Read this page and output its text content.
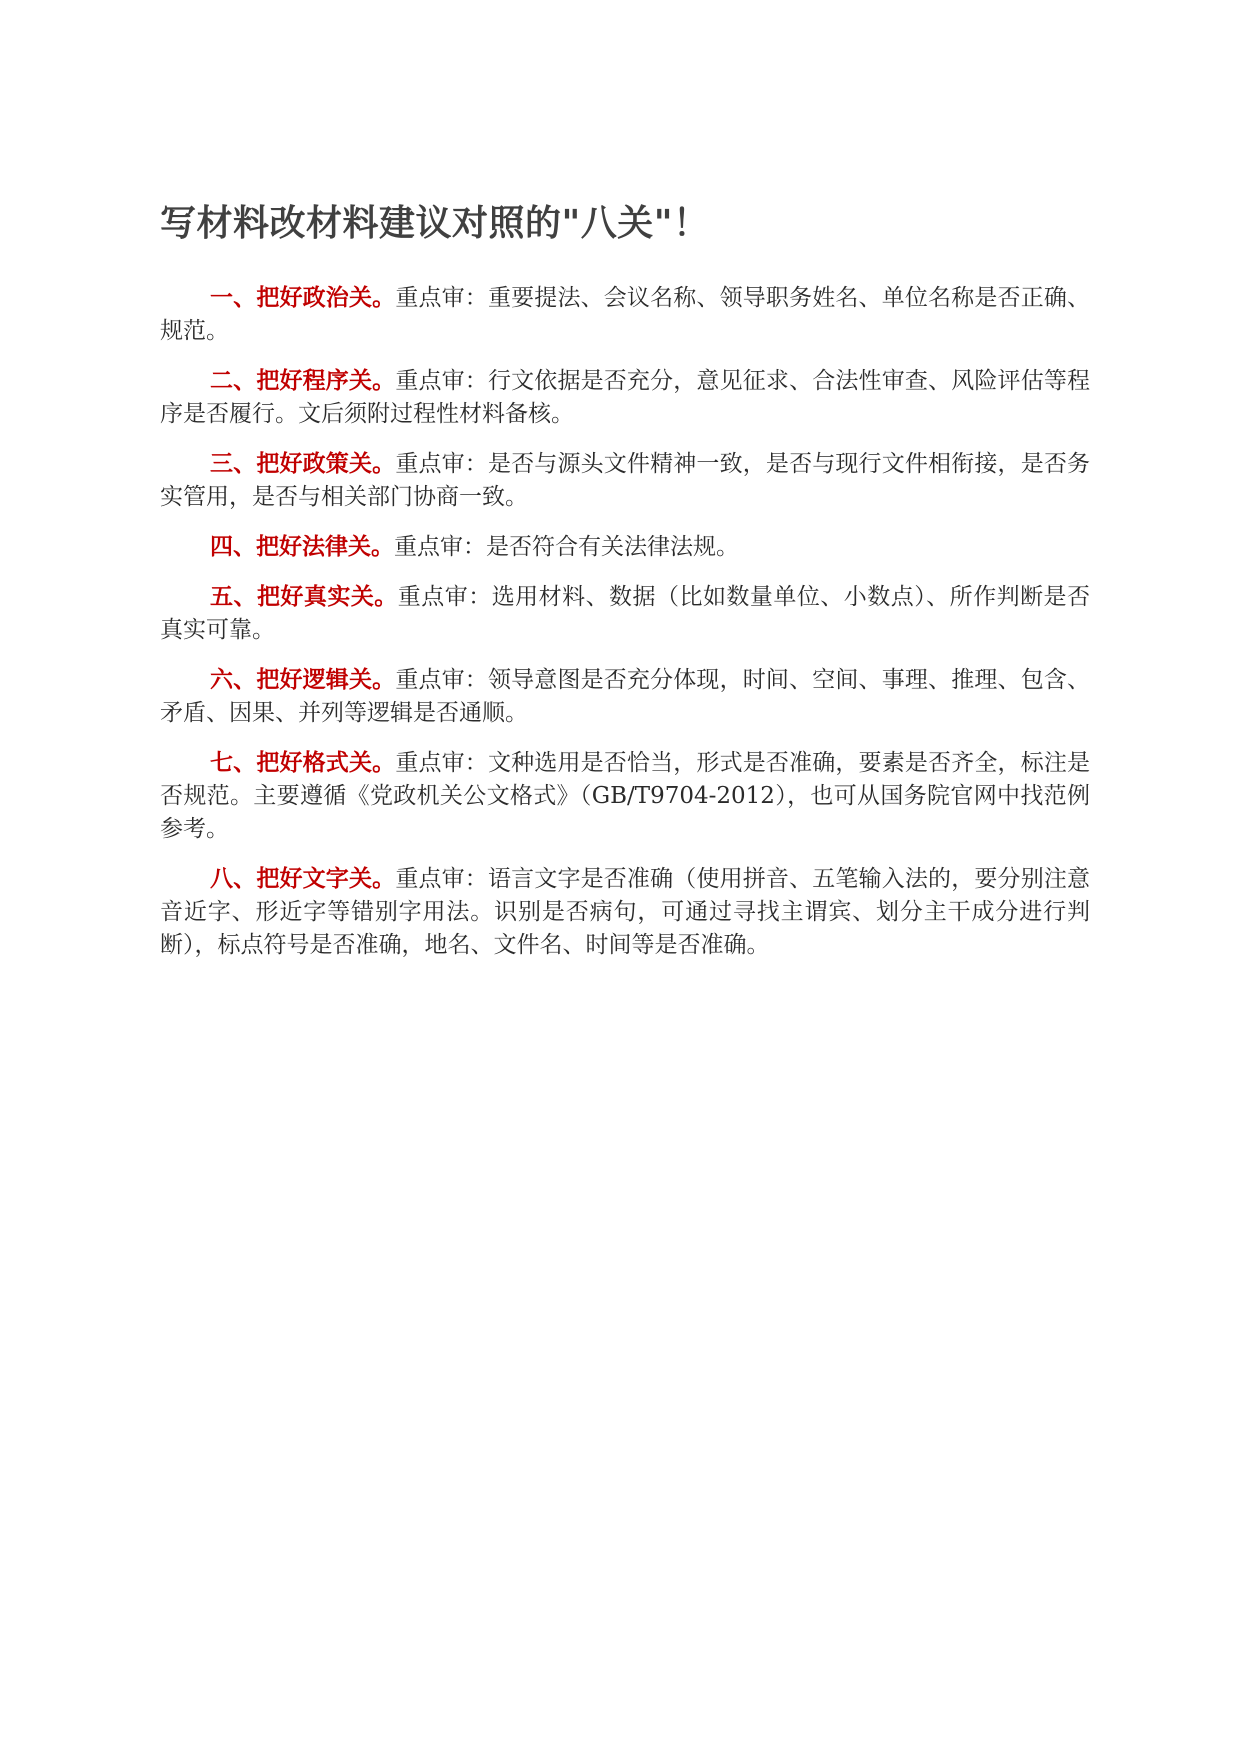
写材料改材料建议对照的"八关"！

一、把好政治关。重点审：重要提法、会议名称、领导职务姓名、单位名称是否正确、规范。

二、把好程序关。重点审：行文依据是否充分，意见征求、合法性审查、风险评估等程序是否履行。文后须附过程性材料备核。

三、把好政策关。重点审：是否与源头文件精神一致，是否与现行文件相衔接，是否务实管用，是否与相关部门协商一致。

四、把好法律关。重点审：是否符合有关法律法规。

五、把好真实关。重点审：选用材料、数据（比如数量单位、小数点）、所作判断是否真实可靠。

六、把好逻辑关。重点审：领导意图是否充分体现，时间、空间、事理、推理、包含、矛盾、因果、并列等逻辑是否通顺。

七、把好格式关。重点审：文种选用是否恰当，形式是否准确，要素是否齐全，标注是否规范。主要遵循《党政机关公文格式》（GB/T9704-2012），也可从国务院官网中找范例参考。

八、把好文字关。重点审：语言文字是否准确（使用拼音、五笔输入法的，要分别注意音近字、形近字等错别字用法。识别是否病句，可通过寻找主谓宾、划分主干成分进行判断），标点符号是否准确，地名、文件名、时间等是否准确。
